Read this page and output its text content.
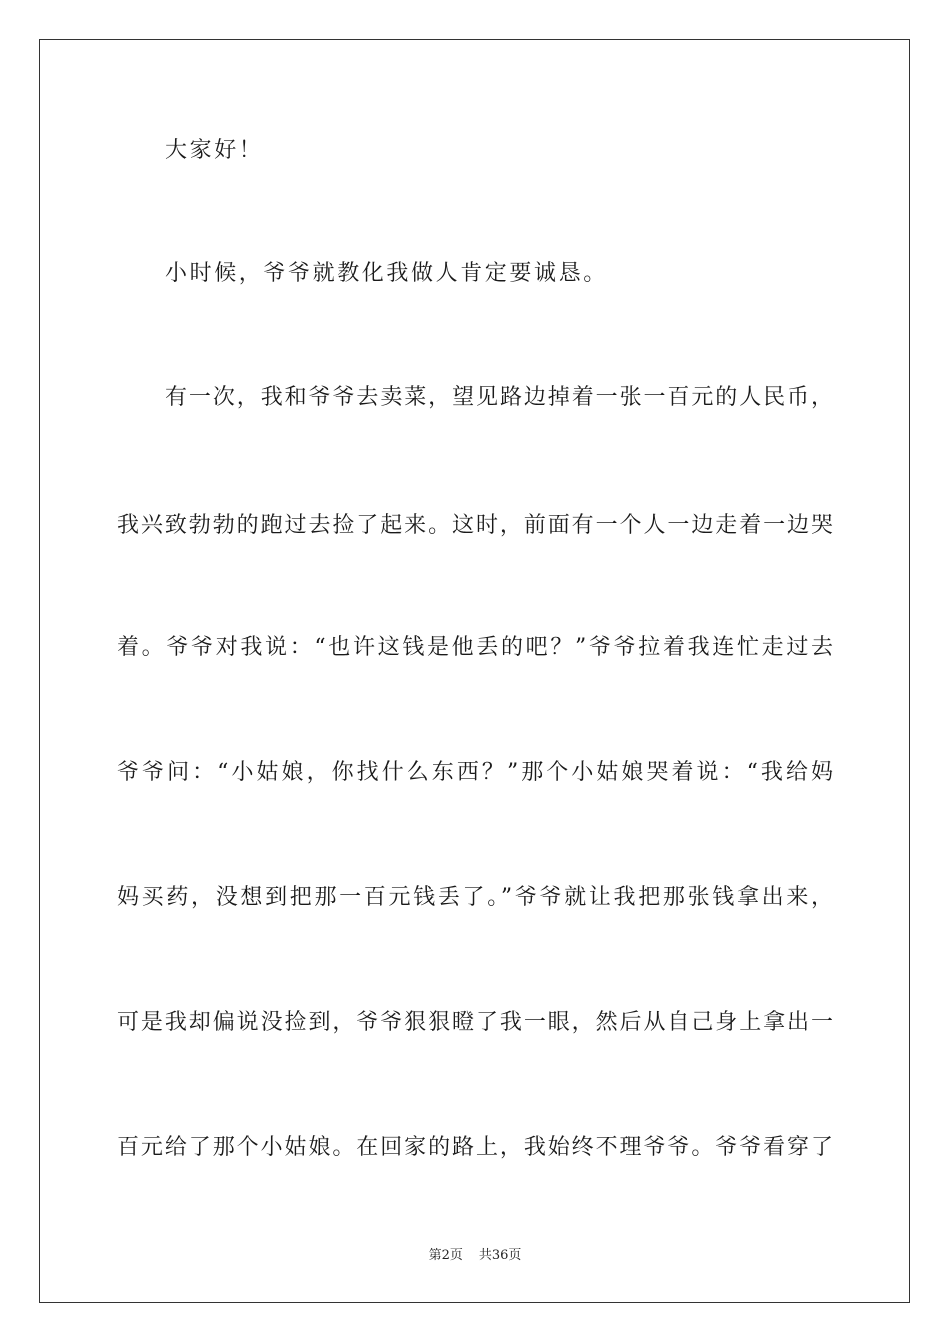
大家好！
小时候，爷爷就教化我做人肯定要诚恳。
有一次，我和爷爷去卖菜，望见路边掉着一张一百元的人民币，
我兴致勃勃的跑过去捡了起来。这时，前面有一个人一边走着一边哭
着。爷爷对我说：“也许这钱是他丢的吧？”爷爷拉着我连忙走过去
爷爷问：“小姑娘，你找什么东西？”那个小姑娘哭着说：“我给妈
妈买药，没想到把那一百元钱丢了。”爷爷就让我把那张钱拿出来，
可是我却偏说没捡到，爷爷狠狠瞪了我一眼，然后从自己身上拿出一
百元给了那个小姑娘。在回家的路上，我始终不理爷爷。爷爷看穿了
第2页 共36页
